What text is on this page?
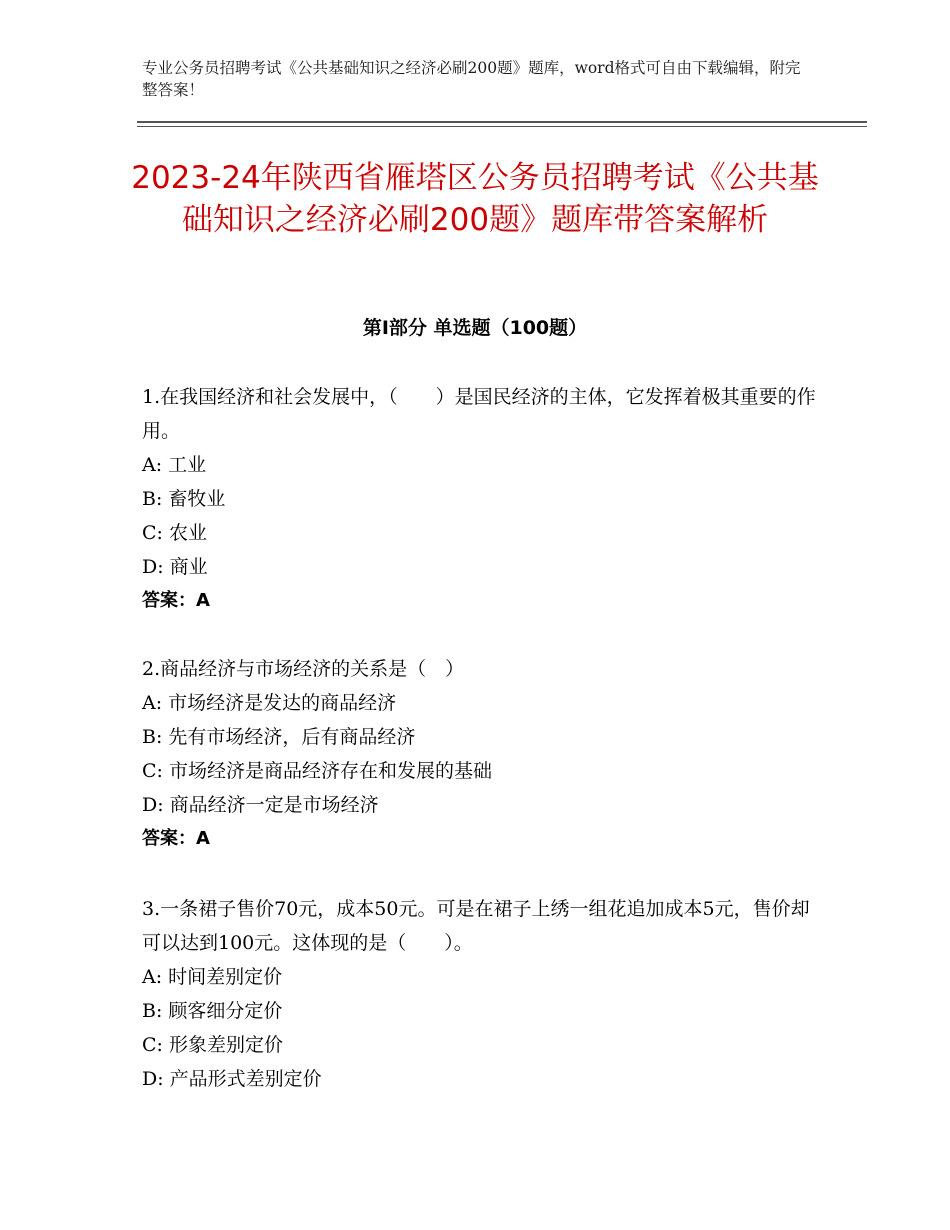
专业公务员招聘考试《公共基础知识之经济必刷200题》题库，word格式可自由下载编辑，附完整答案！
2023-24年陕西省雁塔区公务员招聘考试《公共基础知识之经济必刷200题》题库带答案解析
第Ⅰ部分 单选题（100题）

1.在我国经济和社会发展中，（　　）是国民经济的主体，它发挥着极其重要的作用。

A: 工业
B: 畜牧业
C: 农业
D: 商业
答案：A

2.商品经济与市场经济的关系是（　）

A: 市场经济是发达的商品经济
B: 先有市场经济，后有商品经济
C: 市场经济是商品经济存在和发展的基础
D: 商品经济一定是市场经济
答案：A

3.一条裙子售价70元，成本50元。可是在裙子上绣一组花追加成本5元，售价却可以达到100元。这体现的是（　　）。

A: 时间差别定价
B: 顾客细分定价
C: 形象差别定价
D: 产品形式差别定价
